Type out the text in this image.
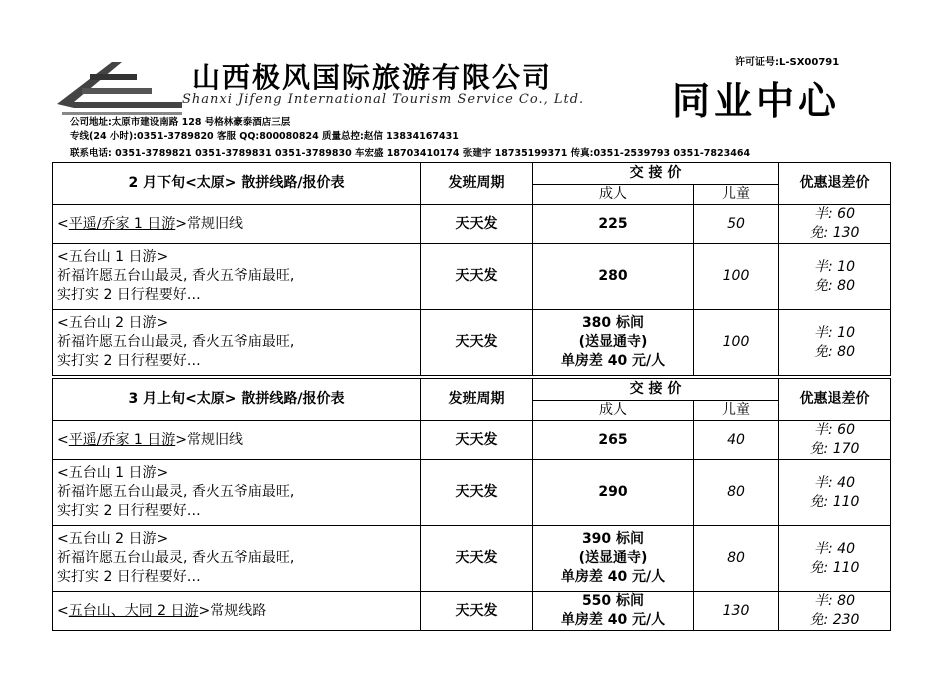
山西极风国际旅游有限公司
Shanxi Jifeng International Tourism Service Co., Ltd.
许可证号:L-SX00791
同业中心
公司地址:太原市建设南路 128 号格林豪泰酒店三层
专线(24 小时):0351-3789820 客服 QQ:800080824 质量总控:赵信 13834167431
联系电话: 0351-3789821 0351-3789831 0351-3789830 车宏盛 18703410174 张建宇 18735199371 传真:0351-2539793 0351-7823464
2 月下旬<太原> 散拼线路/报价表	发班周期	交 接 价		优惠退差价
		成人	儿童	
<平遥/乔家 1 日游>常规旧线	天天发	225	50	半: 60
免: 130

<五台山 1 日游>
祈福许愿五台山最灵, 香火五爷庙最旺,
实打实 2 日行程要好…	天天发	280	100	半: 10
免: 80

<五台山 2 日游>
祈福许愿五台山最灵, 香火五爷庙最旺,
实打实 2 日行程要好…	天天发	380 标间
(送显通寺)
单房差 40 元/人	100	半: 10
免: 80
3 月上旬<太原> 散拼线路/报价表	发班周期	交 接 价		优惠退差价
		成人	儿童	
<平遥/乔家 1 日游>常规旧线	天天发	265	40	半: 60
免: 170

<五台山 1 日游>
祈福许愿五台山最灵, 香火五爷庙最旺,
实打实 2 日行程要好…	天天发	290	80	半: 40
免: 110

<五台山 2 日游>
祈福许愿五台山最灵, 香火五爷庙最旺,
实打实 2 日行程要好…	天天发	390 标间
(送显通寺)
单房差 40 元/人	80	半: 40
免: 110

<五台山、大同 2 日游>常规线路	天天发	550 标间
单房差 40 元/人	130	半: 80
免: 230
